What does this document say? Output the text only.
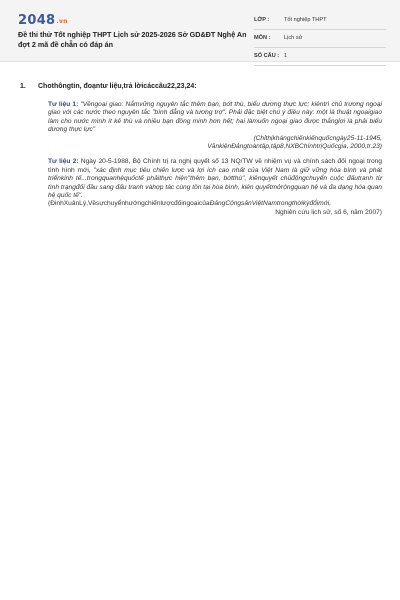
2048.vn
Đề thi thử Tốt nghiệp THPT Lịch sử 2025-2026 Sở GD&ĐT Nghệ An đợt 2 mã đề chẵn có đáp án
LỚP :	Tốt nghiệp THPT
MÔN : Lịch sử
SỐ CÂU : 1
1. Chothôngtin, đoạntư liệu,trả lờicáccâu22,23,24:
Tư liệu 1: "Vềngoại giao: Nắmvững nguyên tắc thêm bạn, bớt thù, biểu dương thực lực; kiêntrì chủ trương ngoại giao với các nước theo nguyên tắc "bình đẳng và tương trợ". Phải đặc biệt chú ý điều này: một là thuật ngoạigiao làm cho nước mình ít kẻ thù và nhiều bạn đồng minh hơn hết; hai làmuốn ngoại giao được thắnglợi là phải biểu dương thực lực"
(Chỉthịkhángchiếnkiếnquốcngày25-11-1945,
VănkiệnĐảngtoàntập,tập8,NXBChínhtrịQuốcgia, 2000,tr.23)
Tư liệu 2: Ngày 20-5-1988, Bộ Chính trị ra nghị quyết số 13 NQ/TW về nhiệm vụ và chính sách đối ngoại trong tình hình mới, "xác định mục tiêu chiến lược và lợi ích cao nhất của Việt Nam là giữ vững hòa bình và phát triểnkinh tế...trongquanhệquốctế phảithực hiện"thêm bạn, bớtthù", kiênquyết chủđộngchuyển cuộc đấutranh từ tình trạngđối đầu sang đấu tranh vàhợp tác cùng tồn tại hòa bình, kiên quyếtmởrộngquan hệ và đa dạng hóa quan hệ quốc tế".
(ĐinhXuânLý,VềsựchuyểnhướngchiếnlượcđốingoạicủaĐảngCộngsảnViệtNamtrongthờikỳđổimới,
Nghiên cứu lịch sử, số 6, năm 2007)
